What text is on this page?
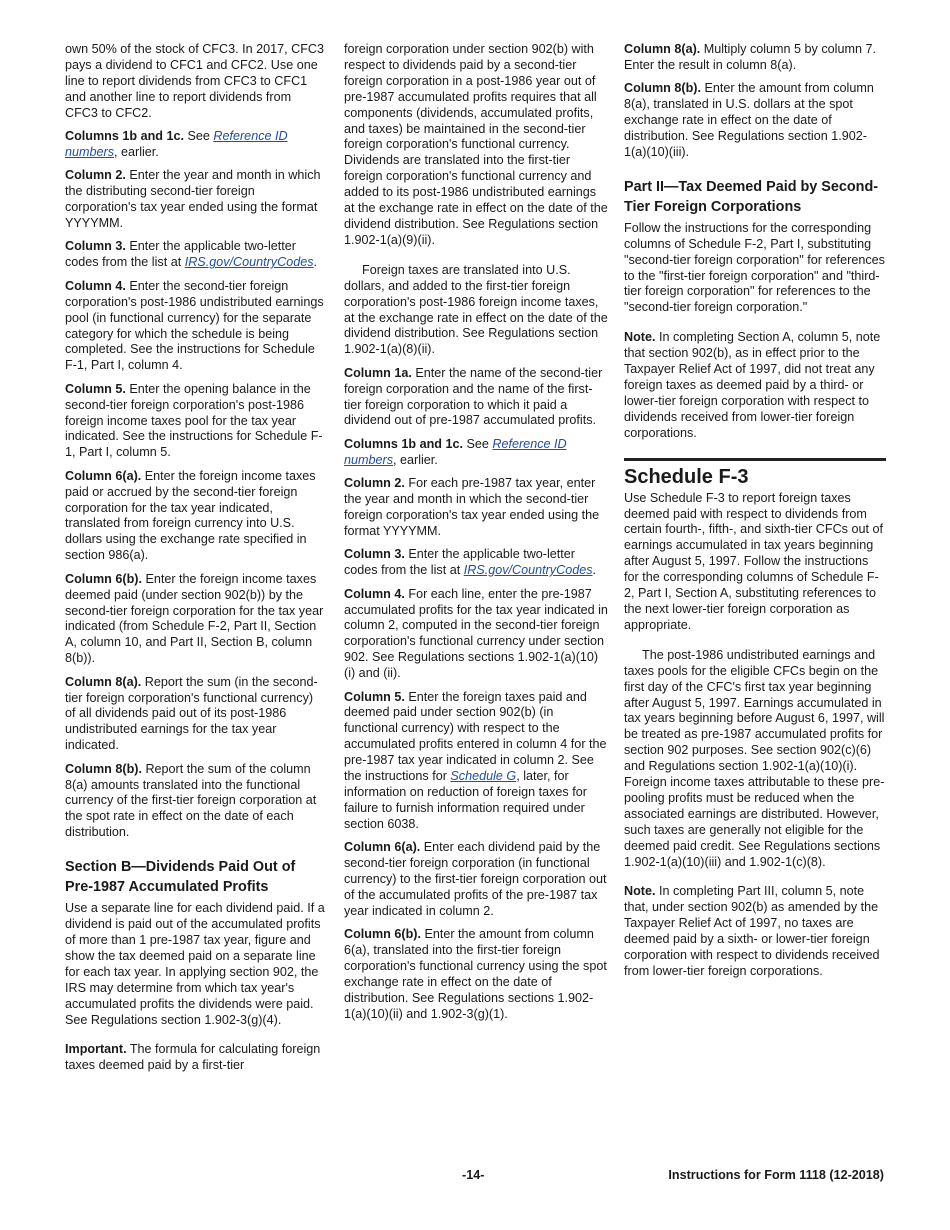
own 50% of the stock of CFC3. In 2017, CFC3 pays a dividend to CFC1 and CFC2. Use one line to report dividends from CFC3 to CFC1 and another line to report dividends from CFC3 to CFC2.

Columns 1b and 1c. See Reference ID numbers, earlier.

Column 2. Enter the year and month in which the distributing second-tier foreign corporation's tax year ended using the format YYYYMM.

Column 3. Enter the applicable two-letter codes from the list at IRS.gov/CountryCodes.

Column 4. Enter the second-tier foreign corporation's post-1986 undistributed earnings pool (in functional currency) for the separate category for which the schedule is being completed. See the instructions for Schedule F-1, Part I, column 4.

Column 5. Enter the opening balance in the second-tier foreign corporation's post-1986 foreign income taxes pool for the tax year indicated. See the instructions for Schedule F-1, Part I, column 5.

Column 6(a). Enter the foreign income taxes paid or accrued by the second-tier foreign corporation for the tax year indicated, translated from foreign currency into U.S. dollars using the exchange rate specified in section 986(a).

Column 6(b). Enter the foreign income taxes deemed paid (under section 902(b)) by the second-tier foreign corporation for the tax year indicated (from Schedule F-2, Part II, Section A, column 10, and Part II, Section B, column 8(b)).

Column 8(a). Report the sum (in the second-tier foreign corporation's functional currency) of all dividends paid out of its post-1986 undistributed earnings for the tax year indicated.

Column 8(b). Report the sum of the column 8(a) amounts translated into the functional currency of the first-tier foreign corporation at the spot rate in effect on the date of each distribution.

Section B—Dividends Paid Out of Pre-1987 Accumulated Profits

Use a separate line for each dividend paid. If a dividend is paid out of the accumulated profits of more than 1 pre-1987 tax year, figure and show the tax deemed paid on a separate line for each tax year. In applying section 902, the IRS may determine from which tax year's accumulated profits the dividends were paid. See Regulations section 1.902-3(g)(4).

Important. The formula for calculating foreign taxes deemed paid by a first-tier

foreign corporation under section 902(b) with respect to dividends paid by a second-tier foreign corporation in a post-1986 year out of pre-1987 accumulated profits requires that all components (dividends, accumulated profits, and taxes) be maintained in the second-tier foreign corporation's functional currency. Dividends are translated into the first-tier foreign corporation's functional currency and added to its post-1986 undistributed earnings at the exchange rate in effect on the date of the dividend distribution. See Regulations section 1.902-1(a)(9)(ii).

Foreign taxes are translated into U.S. dollars, and added to the first-tier foreign corporation's post-1986 foreign income taxes, at the exchange rate in effect on the date of the dividend distribution. See Regulations section 1.902-1(a)(8)(ii).

Column 1a. Enter the name of the second-tier foreign corporation and the name of the first-tier foreign corporation to which it paid a dividend out of pre-1987 accumulated profits.

Columns 1b and 1c. See Reference ID numbers, earlier.

Column 2. For each pre-1987 tax year, enter the year and month in which the second-tier foreign corporation's tax year ended using the format YYYYMM.

Column 3. Enter the applicable two-letter codes from the list at IRS.gov/CountryCodes.

Column 4. For each line, enter the pre-1987 accumulated profits for the tax year indicated in column 2, computed in the second-tier foreign corporation's functional currency under section 902. See Regulations sections 1.902-1(a)(10)(i) and (ii).

Column 5. Enter the foreign taxes paid and deemed paid under section 902(b) (in functional currency) with respect to the accumulated profits entered in column 4 for the pre-1987 tax year indicated in column 2. See the instructions for Schedule G, later, for information on reduction of foreign taxes for failure to furnish information required under section 6038.

Column 6(a). Enter each dividend paid by the second-tier foreign corporation (in functional currency) to the first-tier foreign corporation out of the accumulated profits of the pre-1987 tax year indicated in column 2.

Column 6(b). Enter the amount from column 6(a), translated into the first-tier foreign corporation's functional currency using the spot exchange rate in effect on the date of distribution. See Regulations sections 1.902-1(a)(10)(ii) and 1.902-3(g)(1).

Column 8(a). Multiply column 5 by column 7. Enter the result in column 8(a).

Column 8(b). Enter the amount from column 8(a), translated in U.S. dollars at the spot exchange rate in effect on the date of distribution. See Regulations section 1.902-1(a)(10)(iii).

Part II—Tax Deemed Paid by Second-Tier Foreign Corporations

Follow the instructions for the corresponding columns of Schedule F-2, Part I, substituting "second-tier foreign corporation" for references to the "first-tier foreign corporation" and "third-tier foreign corporation" for references to the "second-tier foreign corporation."

Note. In completing Section A, column 5, note that section 902(b), as in effect prior to the Taxpayer Relief Act of 1997, did not treat any foreign taxes as deemed paid by a third- or lower-tier foreign corporation with respect to dividends received from lower-tier foreign corporations.

Schedule F-3

Use Schedule F-3 to report foreign taxes deemed paid with respect to dividends from certain fourth-, fifth-, and sixth-tier CFCs out of earnings accumulated in tax years beginning after August 5, 1997. Follow the instructions for the corresponding columns of Schedule F-2, Part I, Section A, substituting references to the next lower-tier foreign corporation as appropriate.

The post-1986 undistributed earnings and taxes pools for the eligible CFCs begin on the first day of the CFC's first tax year beginning after August 5, 1997. Earnings accumulated in tax years beginning before August 6, 1997, will be treated as pre-1987 accumulated profits for section 902 purposes. See section 902(c)(6) and Regulations section 1.902-1(a)(10)(i). Foreign income taxes attributable to these pre-pooling profits must be reduced when the associated earnings are distributed. However, such taxes are generally not eligible for the deemed paid credit. See Regulations sections 1.902-1(a)(10)(iii) and 1.902-1(c)(8).

Note. In completing Part III, column 5, note that, under section 902(b) as amended by the Taxpayer Relief Act of 1997, no taxes are deemed paid by a sixth- or lower-tier foreign corporation with respect to dividends received from lower-tier foreign corporations.

-14-	Instructions for Form 1118 (12-2018)
